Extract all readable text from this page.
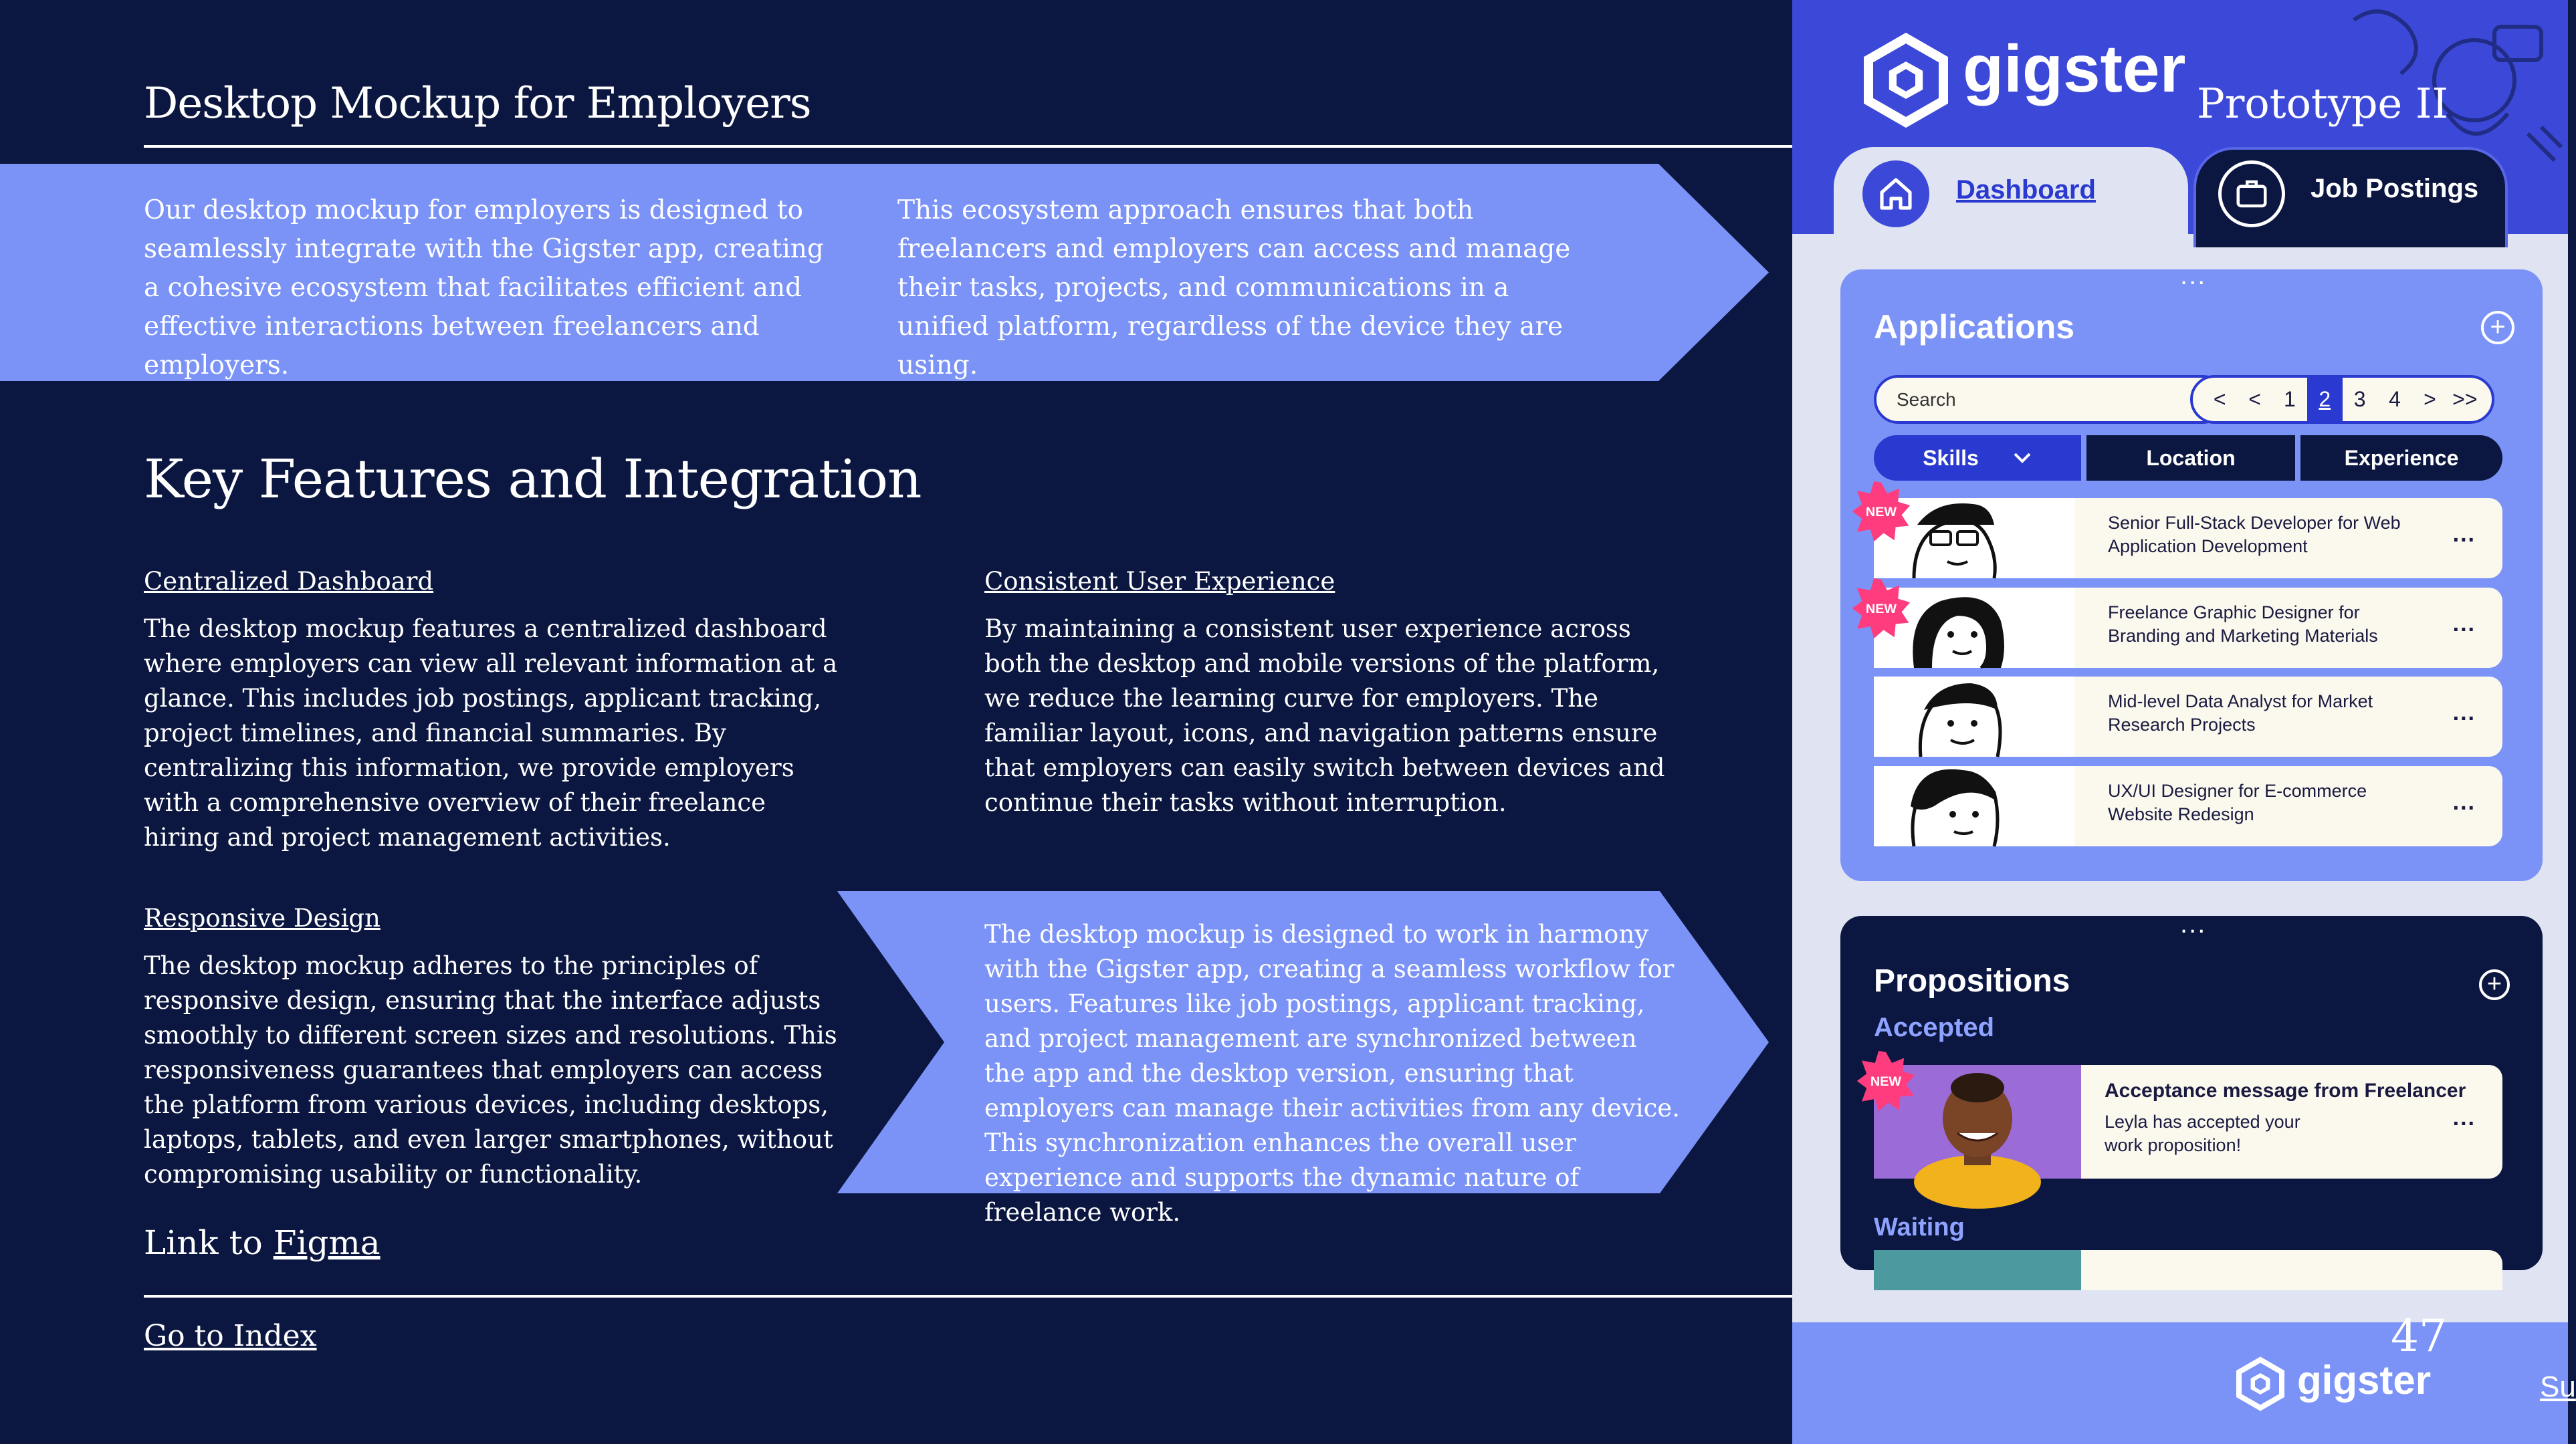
Desktop Mockup for Employers
Our desktop mockup for employers is designed to seamlessly integrate with the Gigster app, creating a cohesive ecosystem that facilitates efficient and effective interactions between freelancers and employers.
This ecosystem approach ensures that both freelancers and employers can access and manage their tasks, projects, and communications in a unified platform, regardless of the device they are using.
Key Features and Integration
Centralized Dashboard
The desktop mockup features a centralized dashboard where employers can view all relevant information at a glance. This includes job postings, applicant tracking, project timelines, and financial summaries. By centralizing this information, we provide employers with a comprehensive overview of their freelance hiring and project management activities.
Consistent User Experience
By maintaining a consistent user experience across both the desktop and mobile versions of the platform, we reduce the learning curve for employers. The familiar layout, icons, and navigation patterns ensure that employers can easily switch between devices and continue their tasks without interruption.
Responsive Design
The desktop mockup adheres to the principles of responsive design, ensuring that the interface adjusts smoothly to different screen sizes and resolutions. This responsiveness guarantees that employers can access the platform from various devices, including desktops, laptops, tablets, and even larger smartphones, without compromising usability or functionality.
The desktop mockup is designed to work in harmony with the Gigster app, creating a seamless workflow for users. Features like job postings, applicant tracking, and project management are synchronized between the app and the desktop version, ensuring that employers can manage their activities from any device. This synchronization enhances the overall user experience and supports the dynamic nature of freelance work.
Link to Figma
Go to Index
gigster Prototype II
Dashboard	Job Postings
...
Applications	+
Search	<	<	1	2	3	4	> >>
Skills	Location	Experience
Senior Full-Stack Developer for Web Application Development	...
Freelance Graphic Designer for Branding and Marketing Materials	...
Mid-level Data Analyst for Market Research Projects	...
UX/UI Designer for E-commerce Website Redesign	...
NEW
NEW
...
Propositions	+
Accepted
Acceptance message from Freelancer
Leyla has accepted your work proposition!
...
NEW
Waiting
47
gigster	Su
